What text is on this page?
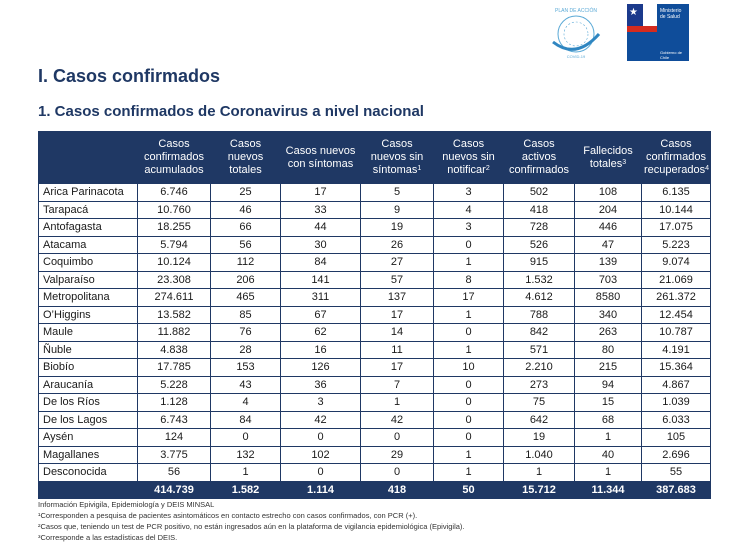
PLAN DE ACCIÓN
COVID-19
★	Ministerio de Salud
Gobierno de Chile
I. Casos confirmados
1. Casos confirmados de Coronavirus a nivel nacional
	Casos confirmados acumulados	Casos nuevos totales	Casos nuevos con síntomas	Casos nuevos sin síntomas$^1$	Casos nuevos sin notificar$^2$	Casos activos confirmados	Fallecidos totales$^3$	Casos confirmados recuperados$^4$
Arica Parinacota	6.746	25	17	5	3	502	108	6.135
Tarapacá	10.760	46	33	9	4	418	204	10.144
Antofagasta	18.255	66	44	19	3	728	446	17.075
Atacama	5.794	56	30	26	0	526	47	5.223
Coquimbo	10.124	112	84	27	1	915	139	9.074
Valparaíso	23.308	206	141	57	8	1.532	703	21.069
Metropolitana	274.611	465	311	137	17	4.612	8580	261.372
O’Higgins	13.582	85	67	17	1	788	340	12.454
Maule	11.882	76	62	14	0	842	263	10.787
Ñuble	4.838	28	16	11	1	571	80	4.191
Biobío	17.785	153	126	17	10	2.210	215	15.364
Araucanía	5.228	43	36	7	0	273	94	4.867
De los Ríos	1.128	4	3	1	0	75	15	1.039
De los Lagos	6.743	84	42	42	0	642	68	6.033
Aysén	124	0	0	0	0	19	1	105
Magallanes	3.775	132	102	29	1	1.040	40	2.696
Desconocida	56	1	0	0	1	1	1	55
	414.739	1.582	1.114	418	50	15.712	11.344	387.683
Información Epivigila, Epidemiología y DEIS MINSAL
¹Corresponden a pesquisa de pacientes asintomáticos en contacto estrecho con casos confirmados, con PCR (+).
²Casos que, teniendo un test de PCR positivo, no están ingresados aún en la plataforma de vigilancia epidemiológica (Epivigila).
³Corresponde a las estadísticas del DEIS.
